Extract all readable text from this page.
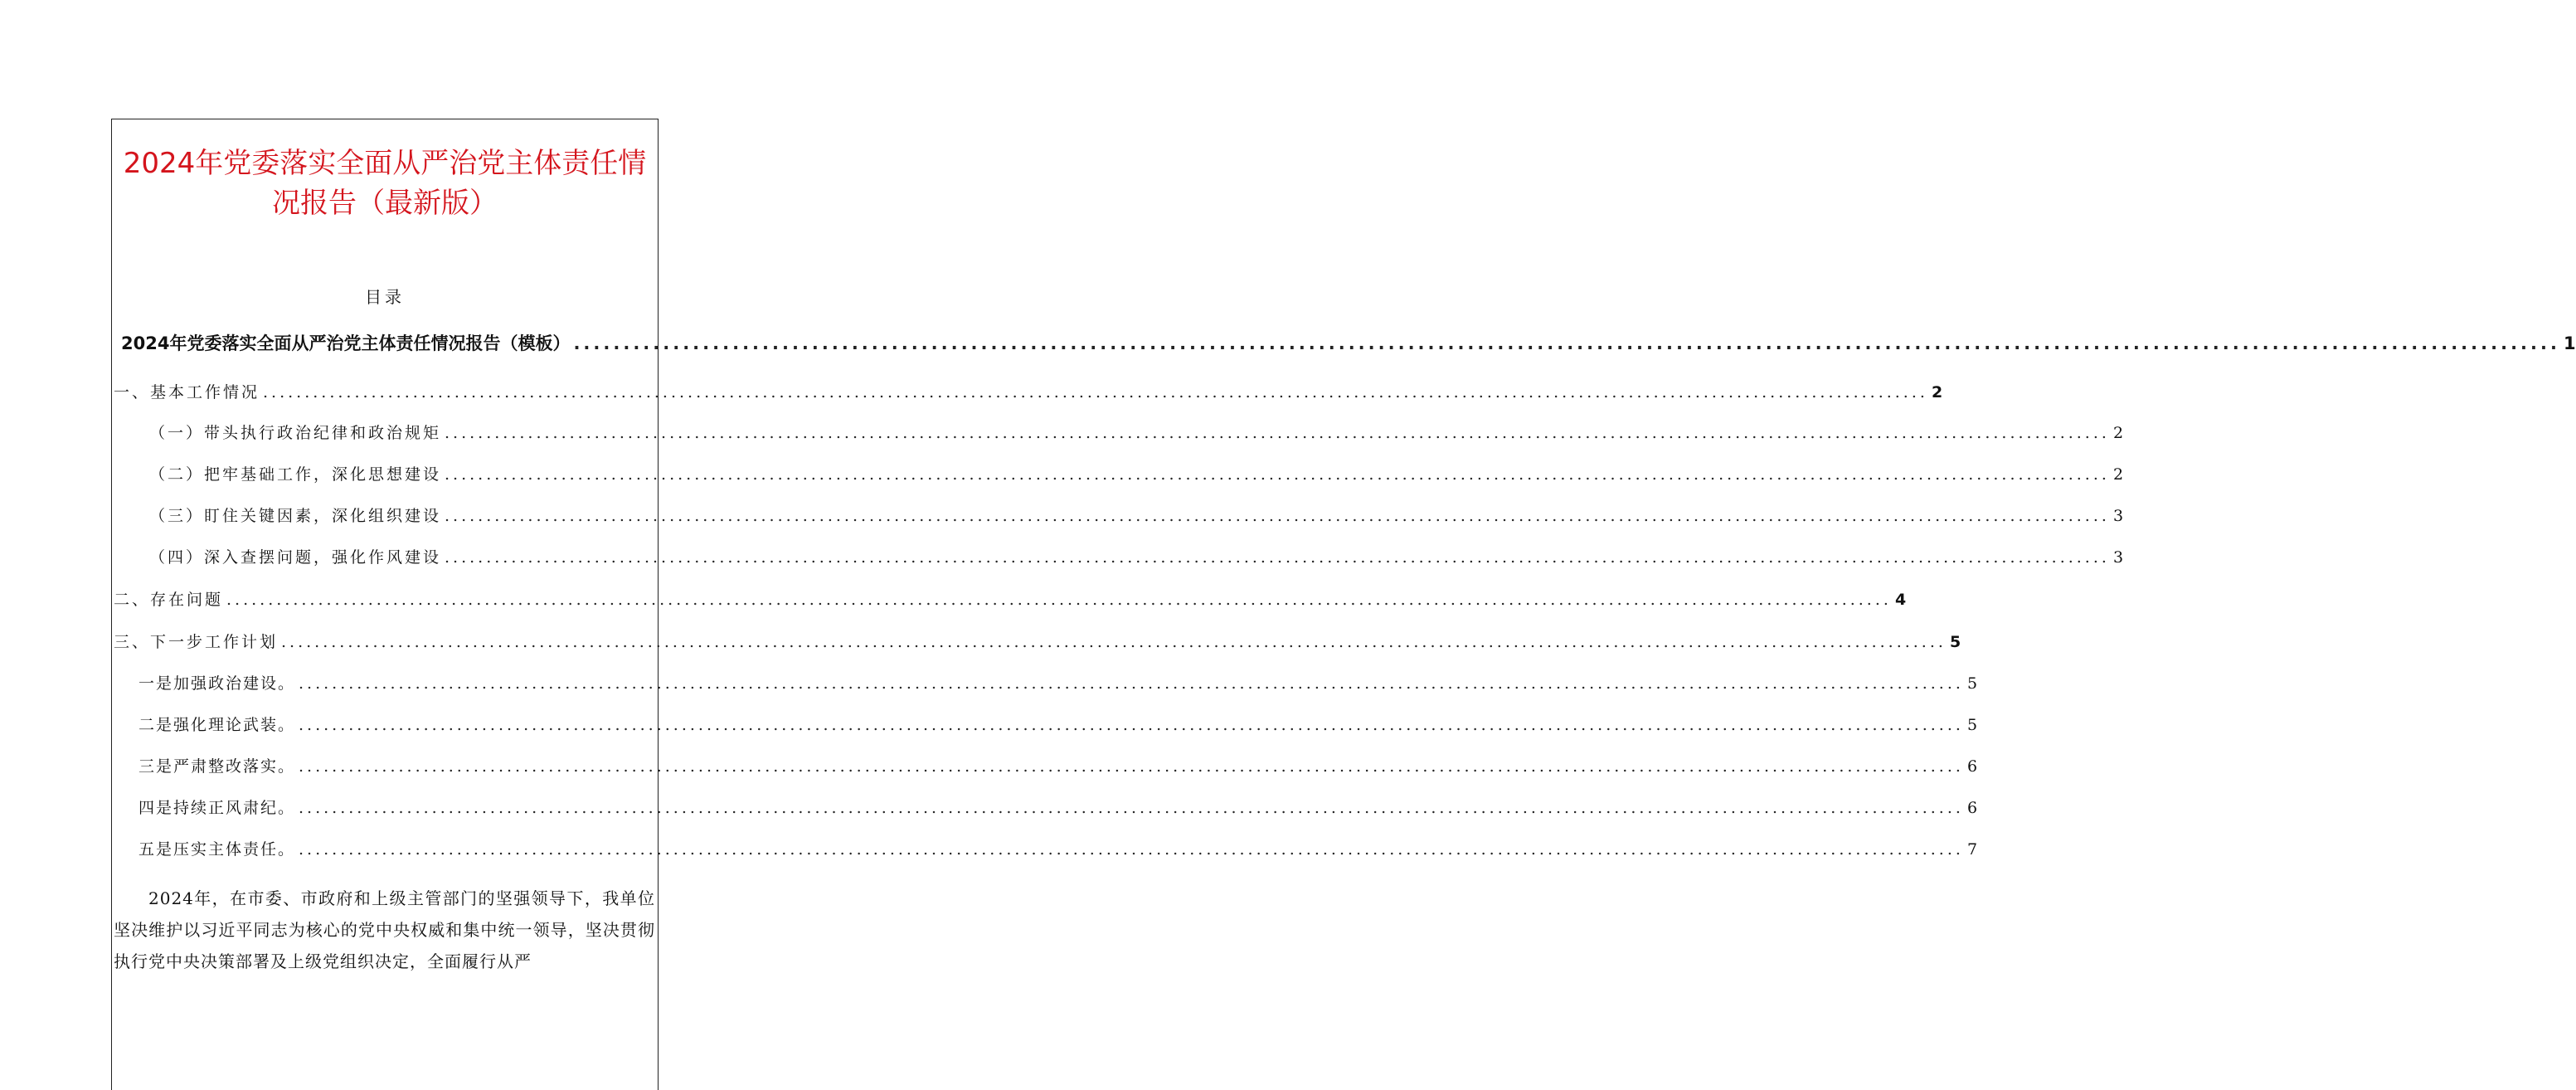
2024年党委落实全面从严治党主体责任情况报告（最新版）
目录
2024年党委落实全面从严治党主体责任情况报告（模板） ........................................................................................................................................................................................................ 1
一、基本工作情况 ........................................................................................................................................................................................................ 2
（一）带头执行政治纪律和政治规矩 ........................................................................................................................................................................................................ 2
（二）把牢基础工作，深化思想建设 ........................................................................................................................................................................................................ 2
（三）盯住关键因素，深化组织建设 ........................................................................................................................................................................................................ 3
（四）深入查摆问题，强化作风建设 ........................................................................................................................................................................................................ 3
二、存在问题 ........................................................................................................................................................................................................ 4
三、下一步工作计划 ........................................................................................................................................................................................................ 5
一是加强政治建设。 ........................................................................................................................................................................................................ 5
二是强化理论武装。 ........................................................................................................................................................................................................ 5
三是严肃整改落实。 ........................................................................................................................................................................................................ 6
四是持续正风肃纪。 ........................................................................................................................................................................................................ 6
五是压实主体责任。 ........................................................................................................................................................................................................ 7

  2024年，在市委、市政府和上级主管部门的坚强领导下，我单位坚决维护以习近平同志为核心的党中央权威和集中统一领导，坚决贯彻执行党中央决策部署及上级党组织决定，全面履行从严
